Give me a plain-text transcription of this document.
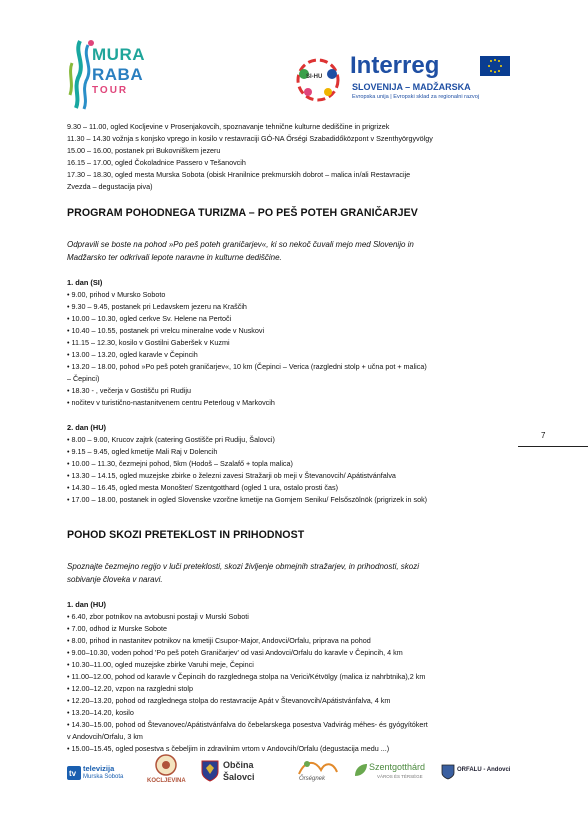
MURA
RABA
TOUR
SI-HU Interreg
SLOVENIJA – MADŽARSKA
Evropska unija | Evropski sklad za regionalni razvoj
9.30 – 11.00, ogled Kocljevine v Prosenjakovcih, spoznavanje tehnične kulturne dediščine in prigrizek
11.30 – 14.30 vožnja s konjsko vprego in kosilo v restavraciji GÓ-NA Őrségi Szabadidőközpont v Szenthyörgyvölgy
15.00 – 16.00, postanek pri Bukovniškem jezeru
16.15 – 17.00, ogled Čokoladnice Passero v Tešanovcih
17.30 – 18.30, ogled mesta Murska Sobota (obisk Hranilnice prekmurskih dobrot – malica in/ali Restavracije
Zvezda – degustacija piva)
PROGRAM POHODNEGA TURIZMA – PO PEŠ POTEH GRANIČARJEV
Odpravili se boste na pohod »Po peš poteh graničarjev«, ki so nekoč čuvali mejo med Slovenijo in
Madžarsko ter odkrivali lepote naravne in kulturne dediščine.
1. dan (SI)
• 9.00, prihod v Mursko Soboto
• 9.30 – 9.45, postanek pri Ledavskem jezeru na Kraščih
• 10.00 – 10.30, ogled cerkve Sv. Helene na Pertoči
• 10.40 – 10.55, postanek pri vrelcu mineralne vode v Nuskovi
• 11.15 – 12.30, kosilo v Gostilni Gaberšek v Kuzmi
• 13.00 – 13.20, ogled karavle v Čepincih
• 13.20 – 18.00, pohod »Po peš poteh graničarjev«, 10 km (Čepinci – Verica (razgledni stolp + učna pot + malica)
– Čepinci)
• 18.30 - , večerja v Gostišču pri Rudiju
• nočitev v turistično-nastanitvenem centru Peterloug v Markovcih
2. dan (HU)
• 8.00 – 9.00, Krucov zajtrk (catering Gostišče pri Rudiju, Šalovci)
• 9.15 – 9.45, ogled kmetije Mali Raj v Dolencih
• 10.00 – 11.30, čezmejni pohod, 5km (Hodoš – Szalafő + topla malica)
• 13.30 – 14.15, ogled muzejske zbirke o železni zavesi Stražarji ob meji v Števanovcih/ Apátistvánfalva
• 14.30 – 16.45, ogled mesta Monošter/ Szentgotthard (ogled 1 ura, ostalo prosti čas)
• 17.00 – 18.00, postanek in ogled Slovenske vzorčne kmetije na Gornjem Seniku/ Felsőszölnök (prigrizek in sok)
7
POHOD SKOZI PRETEKLOST IN PRIHODNOST
Spoznajte čezmejno regijo v luči preteklosti, skozi življenje obmejnih stražarjev, in prihodnosti, skozi
sobivanje človeka v naravi.
1. dan (HU)
• 6.40, zbor potnikov na avtobusni postaji v Murski Soboti
• 7.00, odhod iz Murske Sobote
• 8.00, prihod in nastanitev potnikov na kmetiji Csupor-Major, Andovci/Orfalu, priprava na pohod
• 9.00–10.30, voden pohod 'Po peš poteh Graničarjev' od vasi Andovci/Orfalu do karavle v Čepincih, 4 km
• 10.30–11.00, ogled muzejske zbirke Varuhi meje, Čepinci
• 11.00–12.00, pohod od karavle v Čepincih do razglednega stolpa na Verici/Kétvölgy (malica iz nahrbtnika),2 km
• 12.00–12.20, vzpon na razgledni stolp
• 12.20–13.20, pohod od razglednega stolpa do restavracije Apát v Števanovcih/Apátistvánfalva, 4 km
• 13.20–14.20, kosilo
• 14.30–15.00, pohod od Števanovec/Apátistvánfalva do čebelarskega posestva Vadvirág méhes- és gyógyítókert
v Andovcih/Orfalu, 3 km
• 15.00–15.45, ogled posestva s čebeljim in zdravilnim vrtom v Andovcih/Orfalu (degustacija medu ...)
tv
televizija
Murska Sobota
KOCLJEVINA
Občina
Šalovci	Őrségnek
Szentgotthárd
VÁROS ÉS TÉRSÉGE
ORFALU - Andovci
